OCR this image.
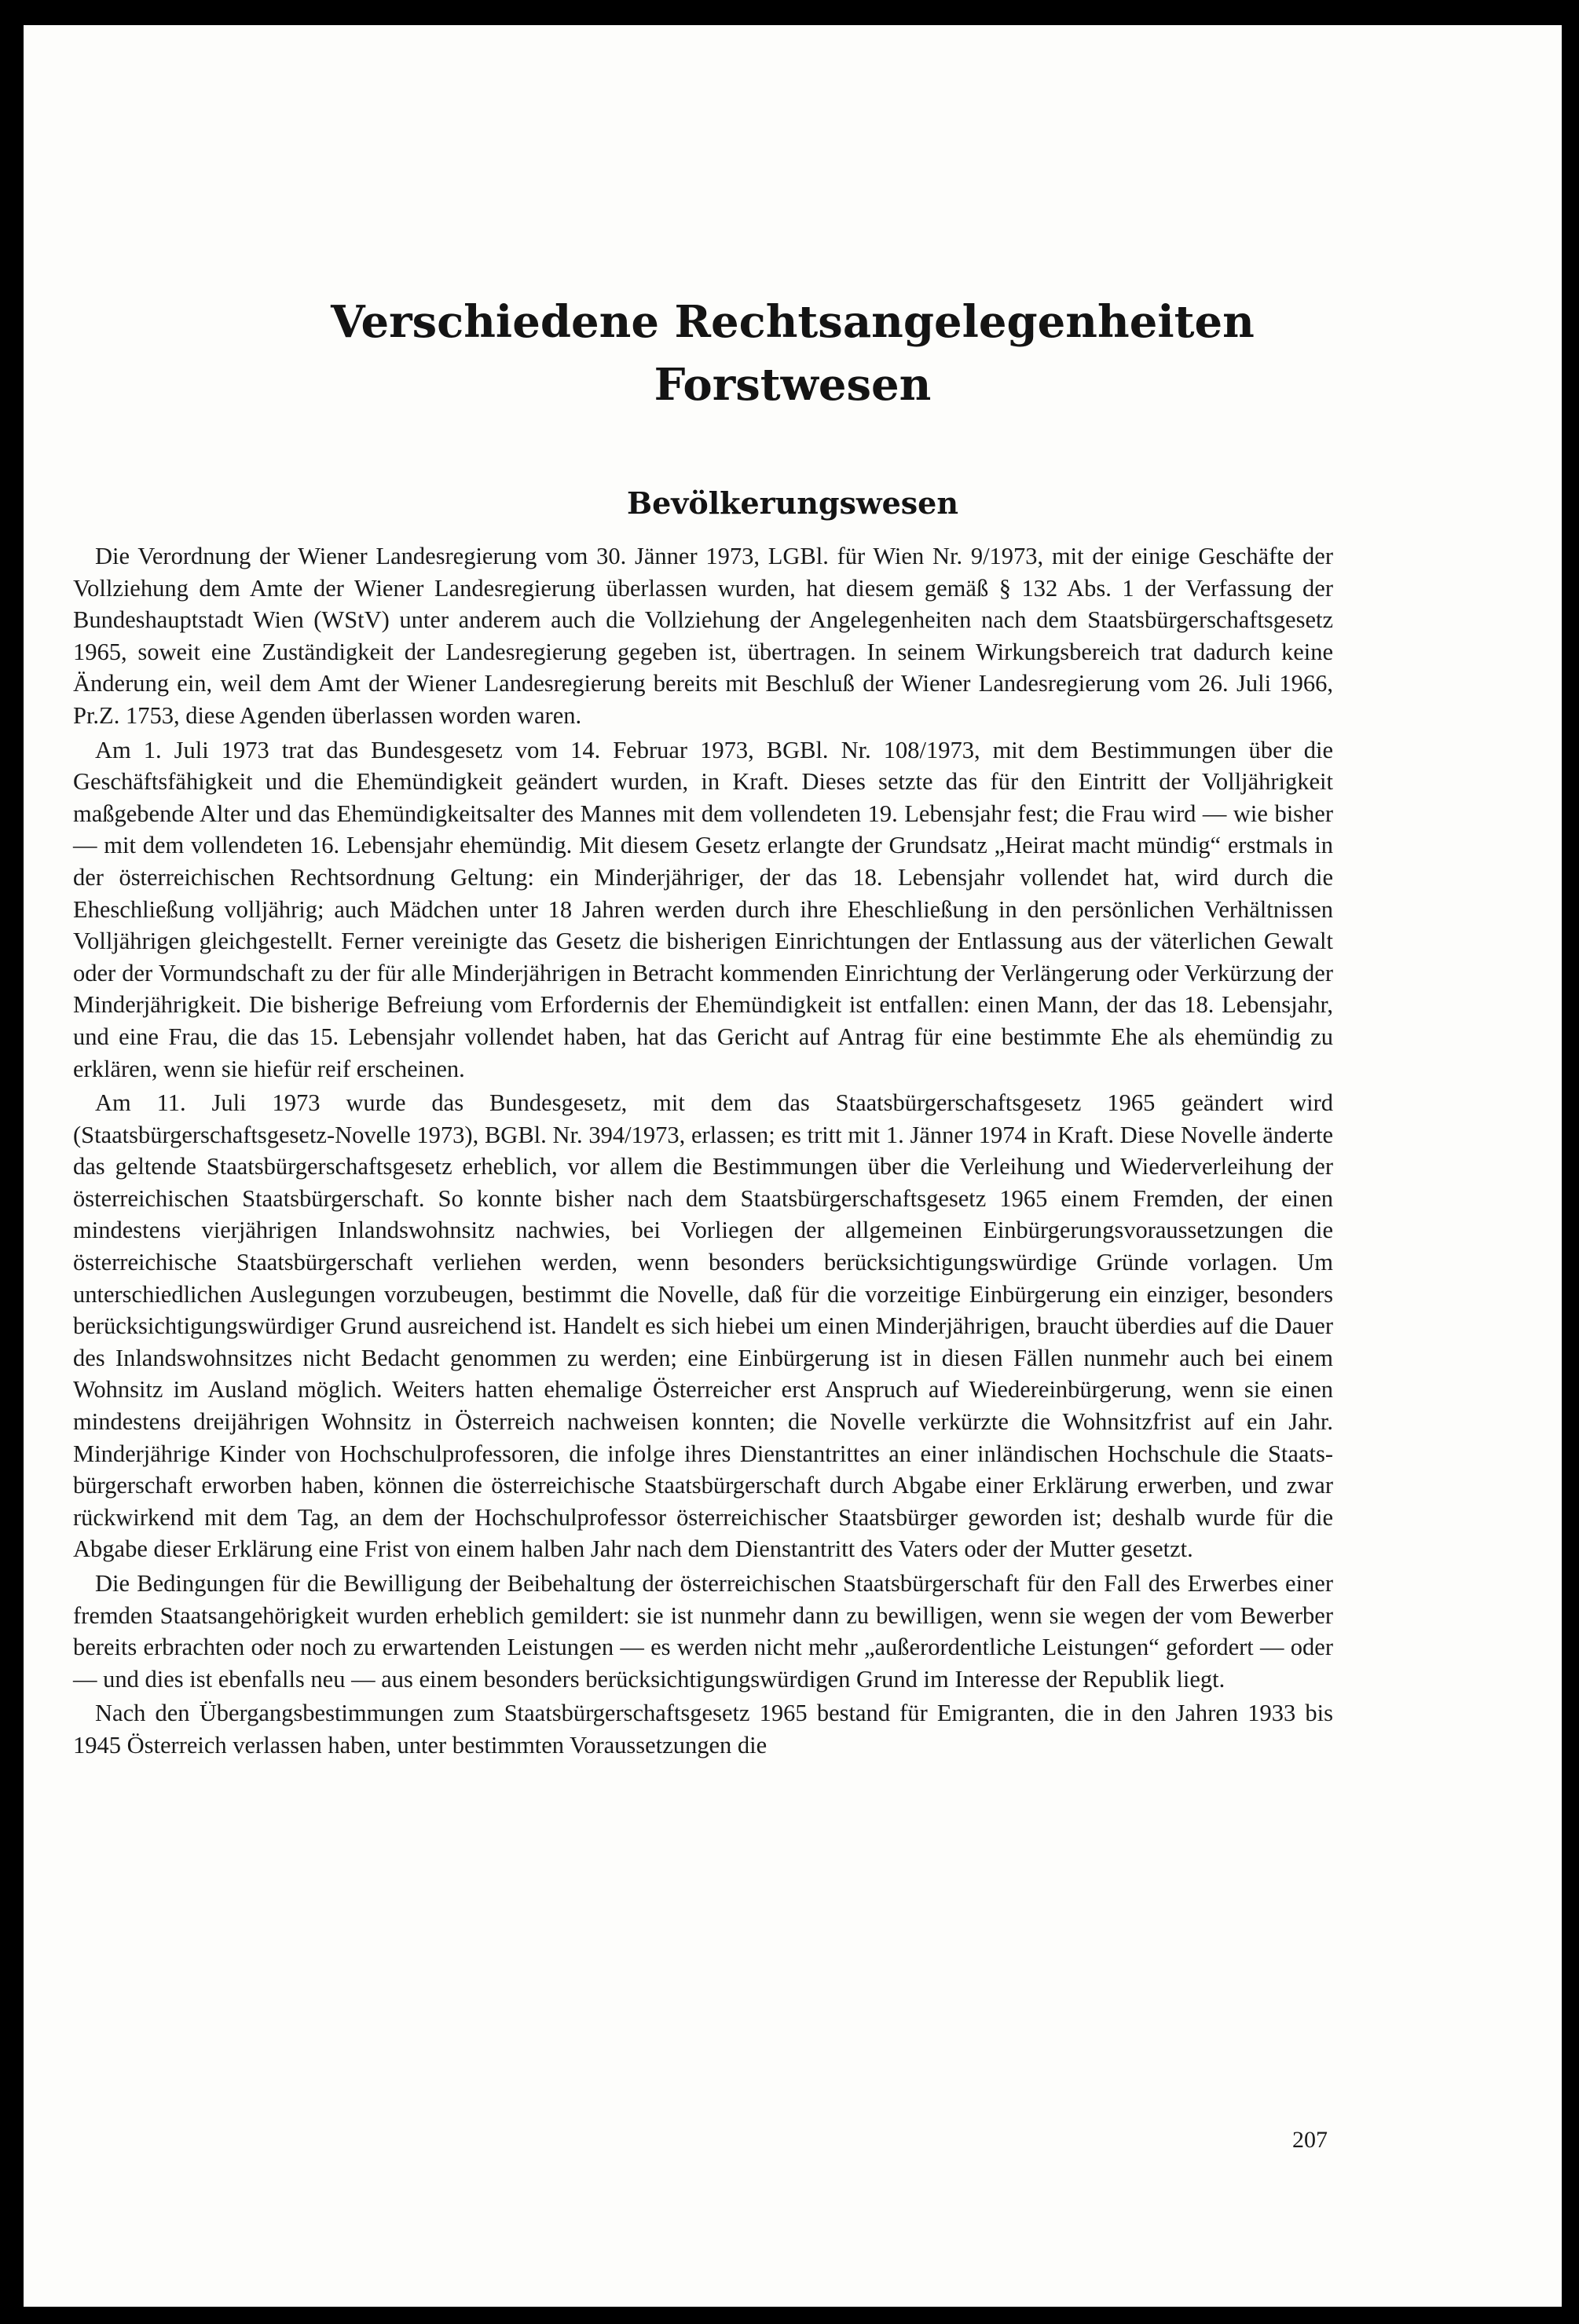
Verschiedene Rechtsangelegenheiten
Forstwesen
Bevölkerungswesen

Die Verordnung der Wiener Landesregierung vom 30. Jänner 1973, LGBl. für Wien Nr. 9/1973, mit der einige Geschäfte der Vollziehung dem Amte der Wiener Landesregierung überlassen wurden, hat diesem gemäß § 132 Abs. 1 der Verfassung der Bundeshauptstadt Wien (WStV) unter anderem auch die Vollziehung der Angelegenheiten nach dem Staatsbürgerschaftsgesetz 1965, soweit eine Zuständigkeit der Landesregierung gegeben ist, übertragen. In seinem Wirkungsbereich trat dadurch keine Änderung ein, weil dem Amt der Wiener Landesregierung bereits mit Beschluß der Wiener Landesregierung vom 26. Juli 1966, Pr.Z. 1753, diese Agenden überlassen worden waren.

Am 1. Juli 1973 trat das Bundesgesetz vom 14. Februar 1973, BGBl. Nr. 108/1973, mit dem Bestimmungen über die Geschäftsfähigkeit und die Ehemündigkeit geändert wurden, in Kraft. Dieses setzte das für den Eintritt der Volljährigkeit maßgebende Alter und das Ehemündigkeitsalter des Mannes mit dem vollendeten 19. Lebensjahr fest; die Frau wird — wie bisher — mit dem vollendeten 16. Lebensjahr ehemündig. Mit diesem Gesetz erlangte der Grundsatz „Heirat macht mündig“ erstmals in der österreichischen Rechtsordnung Geltung: ein Minderjähriger, der das 18. Lebensjahr vollendet hat, wird durch die Eheschließung volljährig; auch Mädchen unter 18 Jahren werden durch ihre Eheschließung in den persönlichen Verhältnissen Volljährigen gleichgestellt. Ferner vereinigte das Gesetz die bisherigen Einrichtungen der Entlassung aus der väterlichen Gewalt oder der Vormundschaft zu der für alle Minderjährigen in Betracht kommenden Einrichtung der Verlängerung oder Verkürzung der Minderjährigkeit. Die bisherige Befreiung vom Erfordernis der Ehemündigkeit ist entfallen: einen Mann, der das 18. Lebensjahr, und eine Frau, die das 15. Lebensjahr vollendet haben, hat das Gericht auf Antrag für eine bestimmte Ehe als ehemündig zu erklären, wenn sie hiefür reif erscheinen.

Am 11. Juli 1973 wurde das Bundesgesetz, mit dem das Staatsbürgerschaftsgesetz 1965 geändert wird (Staatsbürgerschaftsgesetz-Novelle 1973), BGBl. Nr. 394/1973, erlassen; es tritt mit 1. Jänner 1974 in Kraft. Diese Novelle änderte das geltende Staatsbürgerschaftsgesetz erheblich, vor allem die Bestimmungen über die Verleihung und Wiederverleihung der österreichischen Staatsbürgerschaft. So konnte bisher nach dem Staatsbürgerschaftsgesetz 1965 einem Fremden, der einen mindestens vierjährigen Inlandswohnsitz nachwies, bei Vorliegen der allgemeinen Einbürgerungsvoraussetzungen die österreichische Staatsbürgerschaft verliehen werden, wenn besonders berücksichtigungswürdige Gründe vorlagen. Um unterschiedlichen Auslegungen vorzubeugen, bestimmt die Novelle, daß für die vorzeitige Einbürgerung ein einziger, besonders berücksichtigungswürdiger Grund ausreichend ist. Handelt es sich hiebei um einen Minderjährigen, braucht überdies auf die Dauer des Inlandswohnsitzes nicht Bedacht genommen zu werden; eine Einbürgerung ist in diesen Fällen nunmehr auch bei einem Wohnsitz im Ausland möglich. Weiters hatten ehemalige Österreicher erst Anspruch auf Wiedereinbürgerung, wenn sie einen mindestens dreijährigen Wohnsitz in Österreich nachweisen konnten; die Novelle verkürzte die Wohnsitzfrist auf ein Jahr. Minderjährige Kinder von Hochschulprofessoren, die infolge ihres Dienstantrittes an einer inländischen Hochschule die Staatsbürgerschaft erworben haben, können die österreichische Staatsbürgerschaft durch Abgabe einer Erklärung erwerben, und zwar rückwirkend mit dem Tag, an dem der Hochschulprofessor österreichischer Staatsbürger geworden ist; deshalb wurde für die Abgabe dieser Erklärung eine Frist von einem halben Jahr nach dem Dienstantritt des Vaters oder der Mutter gesetzt.

Die Bedingungen für die Bewilligung der Beibehaltung der österreichischen Staatsbürgerschaft für den Fall des Erwerbes einer fremden Staatsangehörigkeit wurden erheblich gemildert: sie ist nunmehr dann zu bewilligen, wenn sie wegen der vom Bewerber bereits erbrachten oder noch zu erwartenden Leistungen — es werden nicht mehr „außerordentliche Leistungen“ gefordert — oder — und dies ist ebenfalls neu — aus einem besonders berücksichtigungswürdigen Grund im Interesse der Republik liegt.

Nach den Übergangsbestimmungen zum Staatsbürgerschaftsgesetz 1965 bestand für Emigranten, die in den Jahren 1933 bis 1945 Österreich verlassen haben, unter bestimmten Voraussetzungen die

207
